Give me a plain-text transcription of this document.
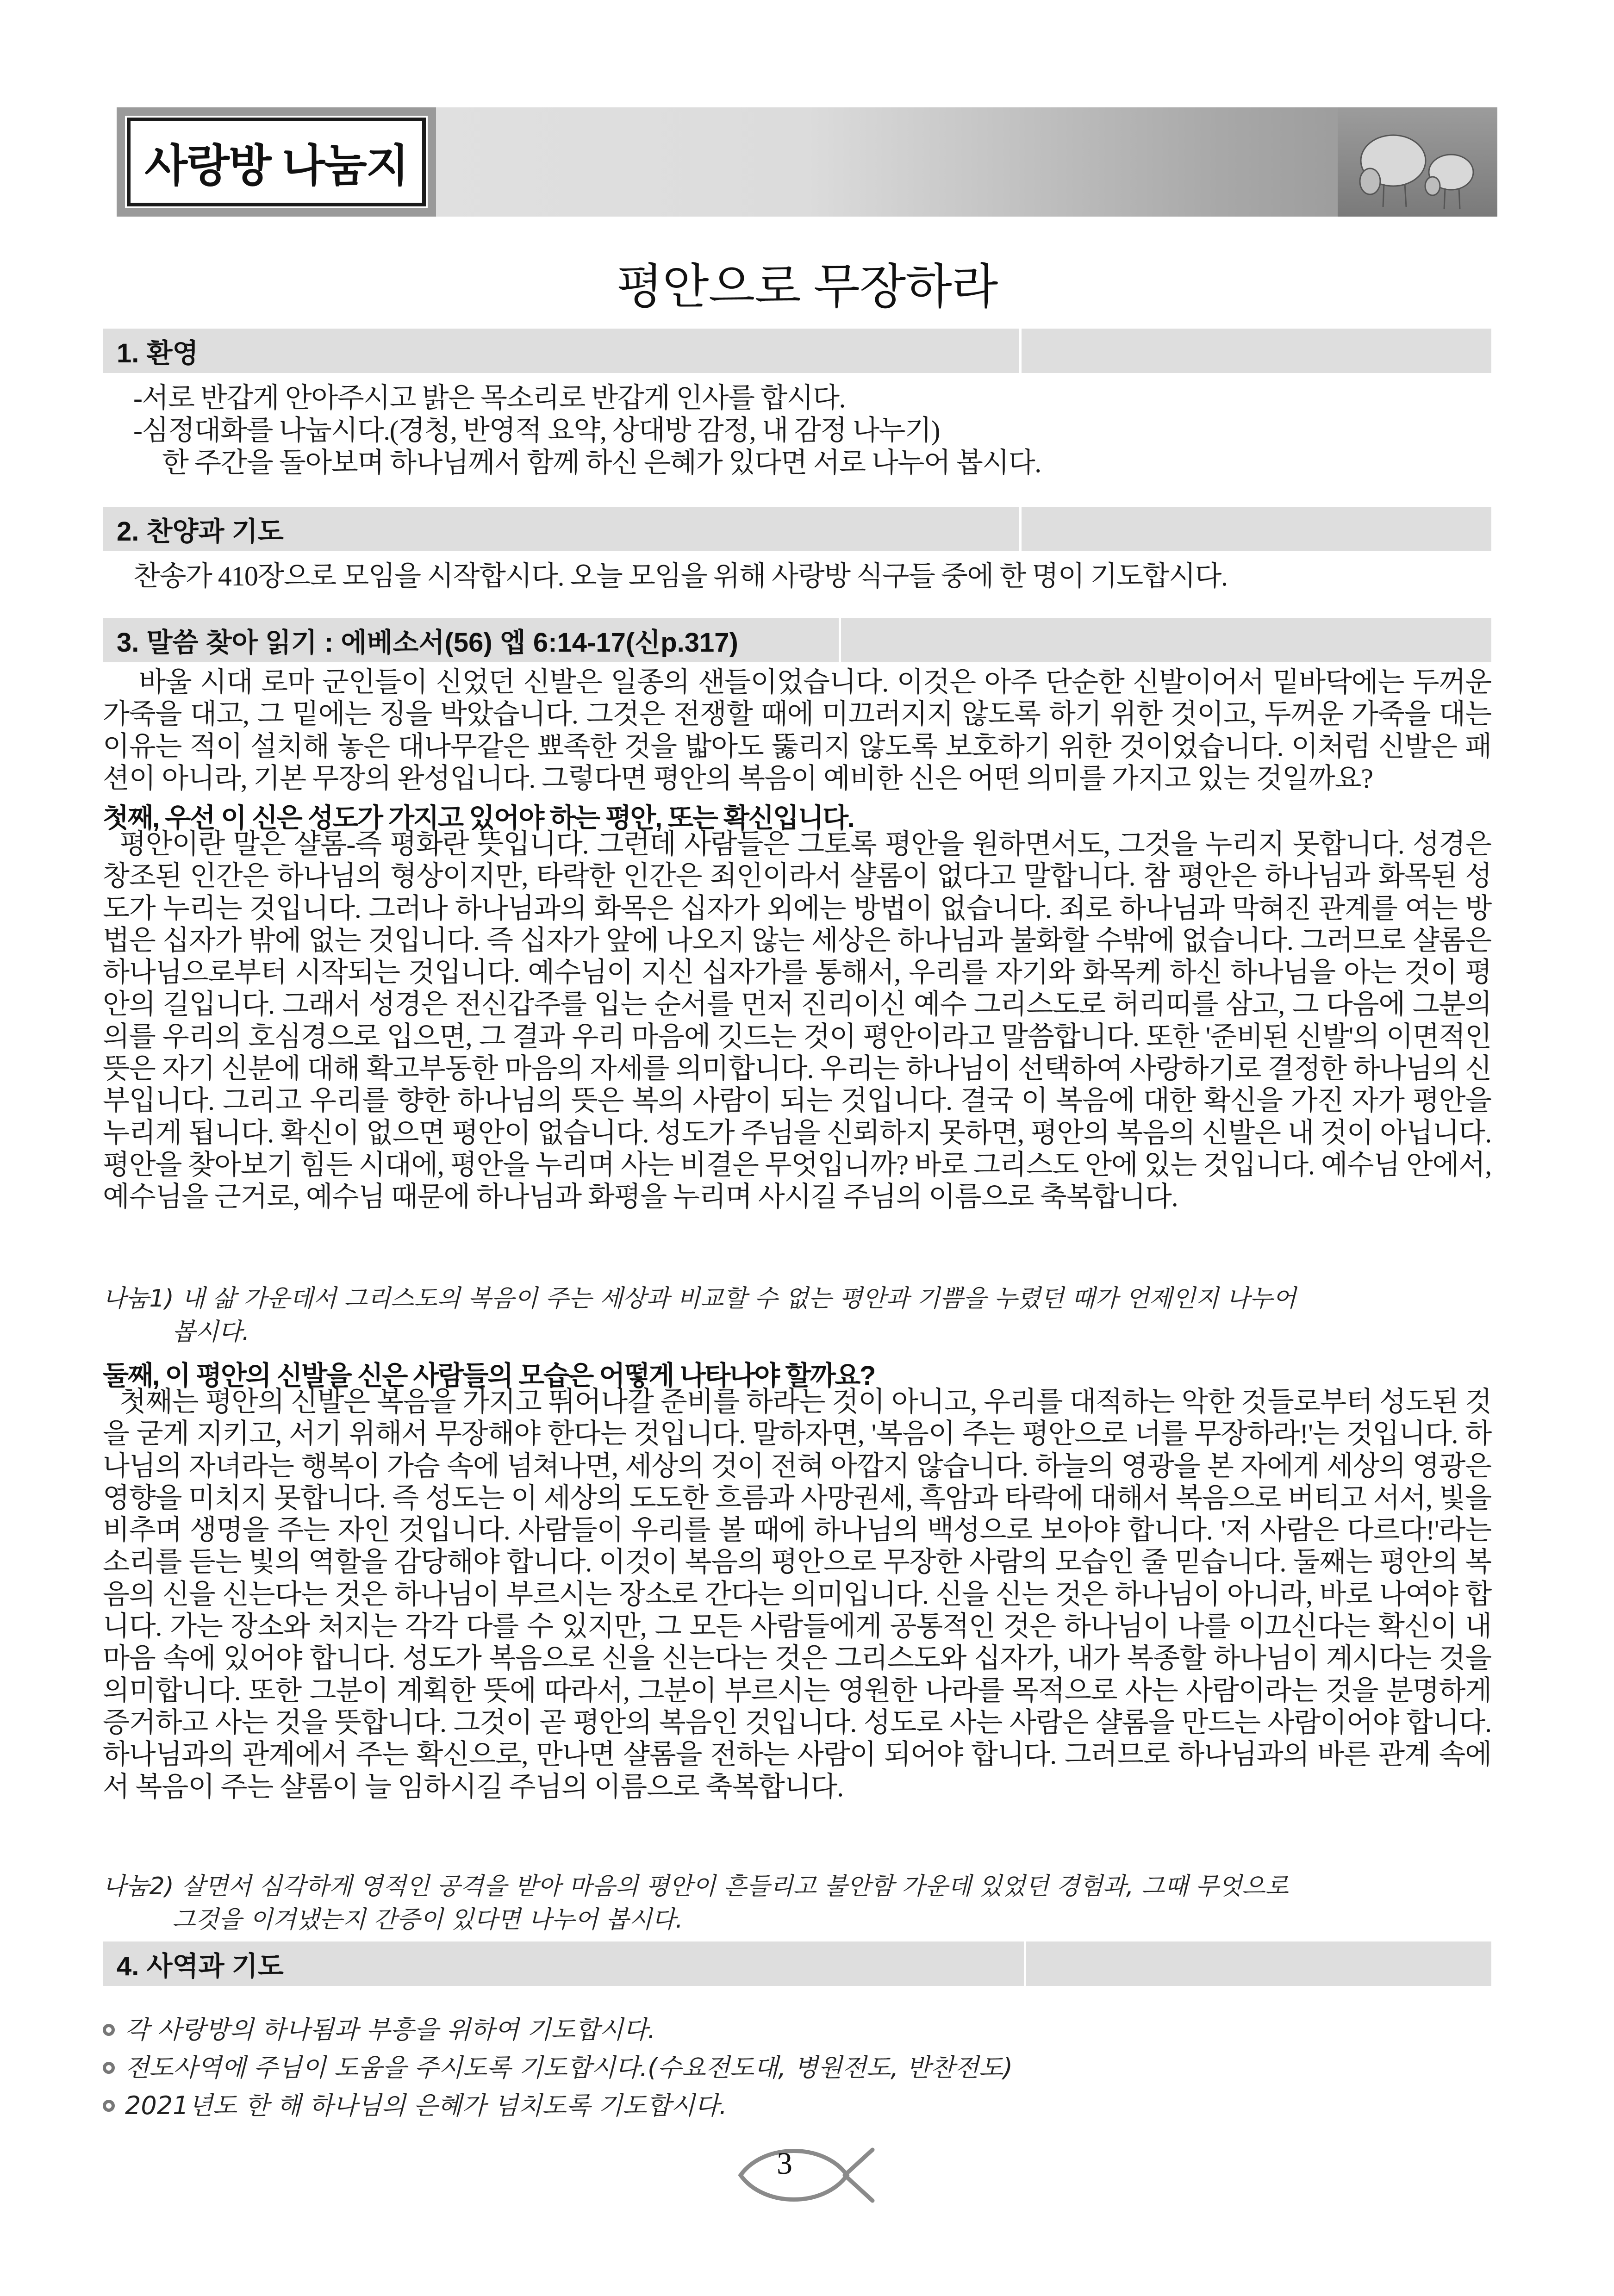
사랑방 나눔지
평안으로 무장하라
1. 환영
-서로 반갑게 안아주시고 밝은 목소리로 반갑게 인사를 합시다.
-심정대화를 나눕시다.(경청, 반영적 요약, 상대방 감정, 내 감정 나누기)
한 주간을 돌아보며 하나님께서 함께 하신 은혜가 있다면 서로 나누어 봅시다.
2. 찬양과 기도
찬송가 410장으로 모임을 시작합시다. 오늘 모임을 위해 사랑방 식구들 중에 한 명이 기도합시다.
3. 말씀 찾아 읽기 : 에베소서(56) 엡 6:14-17(신p.317)
바울 시대 로마 군인들이 신었던 신발은 일종의 샌들이었습니다. 이것은 아주 단순한 신발이어서 밑바닥에는 두꺼운 가죽을 대고, 그 밑에는 징을 박았습니다. 그것은 전쟁할 때에 미끄러지지 않도록 하기 위한 것이고, 두꺼운 가죽을 대는 이유는 적이 설치해 놓은 대나무같은 뾰족한 것을 밟아도 뚫리지 않도록 보호하기 위한 것이었습니다. 이처럼 신발은 패션이 아니라, 기본 무장의 완성입니다. 그렇다면 평안의 복음이 예비한 신은 어떤 의미를 가지고 있는 것일까요?
첫째, 우선 이 신은 성도가 가지고 있어야 하는 평안, 또는 확신입니다.
평안이란 말은 샬롬-즉 평화란 뜻입니다. 그런데 사람들은 그토록 평안을 원하면서도, 그것을 누리지 못합니다. 성경은 창조된 인간은 하나님의 형상이지만, 타락한 인간은 죄인이라서 샬롬이 없다고 말합니다. 참 평안은 하나님과 화목된 성도가 누리는 것입니다. 그러나 하나님과의 화목은 십자가 외에는 방법이 없습니다. 죄로 하나님과 막혀진 관계를 여는 방법은 십자가 밖에 없는 것입니다. 즉 십자가 앞에 나오지 않는 세상은 하나님과 불화할 수밖에 없습니다. 그러므로 샬롬은 하나님으로부터 시작되는 것입니다. 예수님이 지신 십자가를 통해서, 우리를 자기와 화목케 하신 하나님을 아는 것이 평안의 길입니다. 그래서 성경은 전신갑주를 입는 순서를 먼저 진리이신 예수 그리스도로 허리띠를 삼고, 그 다음에 그분의 의를 우리의 호심경으로 입으면, 그 결과 우리 마음에 깃드는 것이 평안이라고 말씀합니다. 또한 '준비된 신발'의 이면적인 뜻은 자기 신분에 대해 확고부동한 마음의 자세를 의미합니다. 우리는 하나님이 선택하여 사랑하기로 결정한 하나님의 신부입니다. 그리고 우리를 향한 하나님의 뜻은 복의 사람이 되는 것입니다. 결국 이 복음에 대한 확신을 가진 자가 평안을 누리게 됩니다. 확신이 없으면 평안이 없습니다. 성도가 주님을 신뢰하지 못하면, 평안의 복음의 신발은 내 것이 아닙니다. 평안을 찾아보기 힘든 시대에, 평안을 누리며 사는 비결은 무엇입니까? 바로 그리스도 안에 있는 것입니다. 예수님 안에서, 예수님을 근거로, 예수님 때문에 하나님과 화평을 누리며 사시길 주님의 이름으로 축복합니다.
나눔1) 내 삶 가운데서 그리스도의 복음이 주는 세상과 비교할 수 없는 평안과 기쁨을 누렸던 때가 언제인지 나누어
봅시다.
둘째, 이 평안의 신발을 신은 사람들의 모습은 어떻게 나타나야 할까요?
첫째는 평안의 신발은 복음을 가지고 뛰어나갈 준비를 하라는 것이 아니고, 우리를 대적하는 악한 것들로부터 성도된 것을 굳게 지키고, 서기 위해서 무장해야 한다는 것입니다. 말하자면, '복음이 주는 평안으로 너를 무장하라!'는 것입니다. 하나님의 자녀라는 행복이 가슴 속에 넘쳐나면, 세상의 것이 전혀 아깝지 않습니다. 하늘의 영광을 본 자에게 세상의 영광은 영향을 미치지 못합니다. 즉 성도는 이 세상의 도도한 흐름과 사망권세, 흑암과 타락에 대해서 복음으로 버티고 서서, 빛을 비추며 생명을 주는 자인 것입니다. 사람들이 우리를 볼 때에 하나님의 백성으로 보아야 합니다. '저 사람은 다르다!'라는 소리를 듣는 빛의 역할을 감당해야 합니다. 이것이 복음의 평안으로 무장한 사람의 모습인 줄 믿습니다. 둘째는 평안의 복음의 신을 신는다는 것은 하나님이 부르시는 장소로 간다는 의미입니다. 신을 신는 것은 하나님이 아니라, 바로 나여야 합니다. 가는 장소와 처지는 각각 다를 수 있지만, 그 모든 사람들에게 공통적인 것은 하나님이 나를 이끄신다는 확신이 내 마음 속에 있어야 합니다. 성도가 복음으로 신을 신는다는 것은 그리스도와 십자가, 내가 복종할 하나님이 계시다는 것을 의미합니다. 또한 그분이 계획한 뜻에 따라서, 그분이 부르시는 영원한 나라를 목적으로 사는 사람이라는 것을 분명하게 증거하고 사는 것을 뜻합니다. 그것이 곧 평안의 복음인 것입니다. 성도로 사는 사람은 샬롬을 만드는 사람이어야 합니다. 하나님과의 관계에서 주는 확신으로, 만나면 샬롬을 전하는 사람이 되어야 합니다. 그러므로 하나님과의 바른 관계 속에서 복음이 주는 샬롬이 늘 임하시길 주님의 이름으로 축복합니다.
나눔2) 살면서 심각하게 영적인 공격을 받아 마음의 평안이 흔들리고 불안함 가운데 있었던 경험과, 그때 무엇으로
그것을 이겨냈는지 간증이 있다면 나누어 봅시다.
4. 사역과 기도
각 사랑방의 하나됨과 부흥을 위하여 기도합시다.
전도사역에 주님이 도움을 주시도록 기도합시다.(수요전도대, 병원전도, 반찬전도)
2021년도 한 해 하나님의 은혜가 넘치도록 기도합시다.
3
